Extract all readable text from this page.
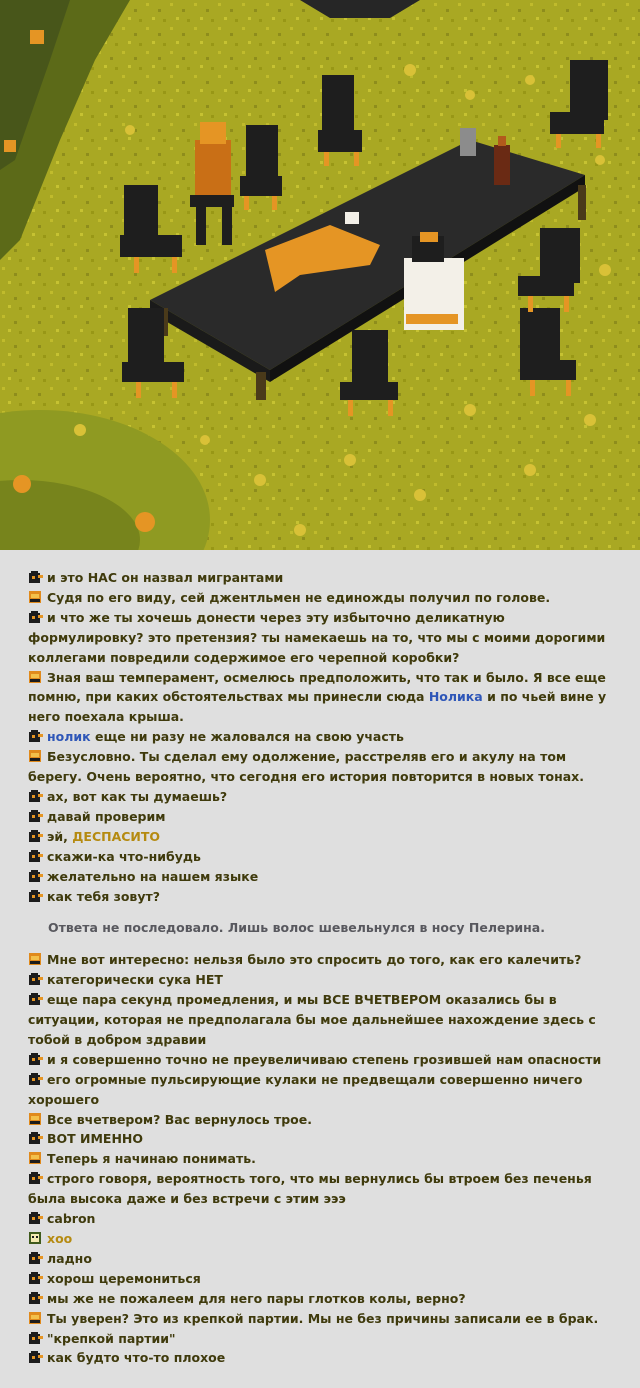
и это НАС он назвал мигрантами
Судя по его виду, сей джентльмен не единожды получил по голове.
и что же ты хочешь донести через эту избыточно деликатную формулировку? это претензия? ты намекаешь на то, что мы с моими дорогими коллегами повредили содержимое его черепной коробки?
Зная ваш темперамент, осмелюсь предположить, что так и было. Я все еще помню, при каких обстоятельствах мы принесли сюда Нолика и по чьей вине у него поехала крыша.
нолик еще ни разу не жаловался на свою участь
Безусловно. Ты сделал ему одолжение, расстреляв его и акулу на том берегу. Очень вероятно, что сегодня его история повторится в новых тонах.
ах, вот как ты думаешь?
давай проверим
эй, ДЕСПАСИТО
скажи-ка что-нибудь
желательно на нашем языке
как тебя зовут?
Ответа не последовало. Лишь волос шевельнулся в носу Пелерина.
Мне вот интересно: нельзя было это спросить до того, как его калечить?
категорически сука НЕТ
еще пара секунд промедления, и мы ВСЕ ВЧЕТВЕРОМ оказались бы в ситуации, которая не предполагала бы мое дальнейшее нахождение здесь с тобой в добром здравии
и я совершенно точно не преувеличиваю степень грозившей нам опасности
его огромные пульсирующие кулаки не предвещали совершенно ничего хорошего
Все вчетвером? Вас вернулось трое.
ВОТ ИМЕННО
Теперь я начинаю понимать.
строго говоря, вероятность того, что мы вернулись бы втроем без печенья была высока даже и без встречи с этим эээ
cabron
хоо
ладно
хорош церемониться
мы же не пожалеем для него пары глотков колы, верно?
Ты уверен? Это из крепкой партии. Мы не без причины записали ее в брак.
"крепкой партии"
как будто что-то плохое
